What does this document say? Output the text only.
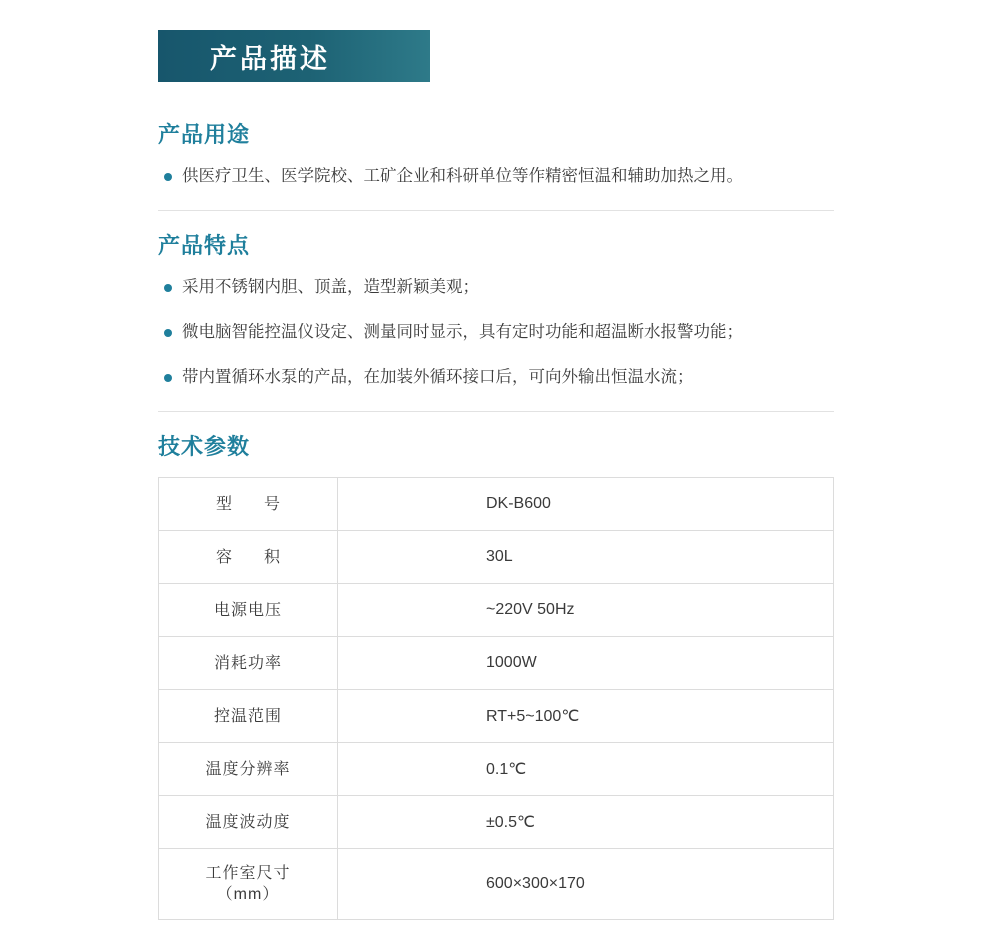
产品描述
产品用途
供医疗卫生、医学院校、工矿企业和科研单位等作精密恒温和辅助加热之用。
产品特点
采用不锈钢内胆、顶盖，造型新颖美观；
微电脑智能控温仪设定、测量同时显示，具有定时功能和超温断水报警功能；
带内置循环水泵的产品，在加装外循环接口后，可向外输出恒温水流；
技术参数
型　号	DK-B600
容　积	30L
电源电压	~220V 50Hz
消耗功率	1000W
控温范围	RT+5~100℃
温度分辨率	0.1℃
温度波动度	±0.5℃
工作室尺寸
（mm）	600×300×170
